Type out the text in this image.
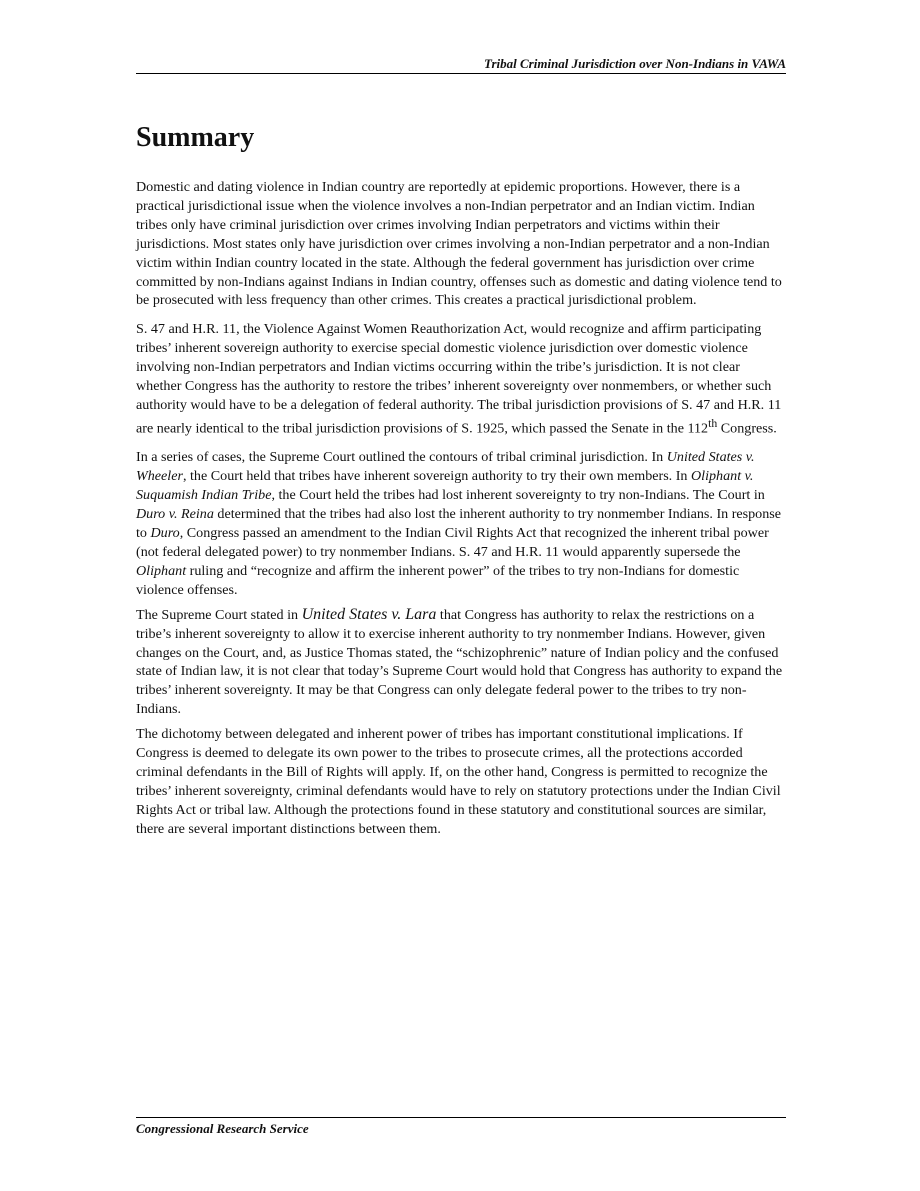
Tribal Criminal Jurisdiction over Non-Indians in VAWA
Summary

Domestic and dating violence in Indian country are reportedly at epidemic proportions. However, there is a practical jurisdictional issue when the violence involves a non-Indian perpetrator and an Indian victim. Indian tribes only have criminal jurisdiction over crimes involving Indian perpetrators and victims within their jurisdictions. Most states only have jurisdiction over crimes involving a non-Indian perpetrator and a non-Indian victim within Indian country located in the state. Although the federal government has jurisdiction over crime committed by non-Indians against Indians in Indian country, offenses such as domestic and dating violence tend to be prosecuted with less frequency than other crimes. This creates a practical jurisdictional problem.

S. 47 and H.R. 11, the Violence Against Women Reauthorization Act, would recognize and affirm participating tribes’ inherent sovereign authority to exercise special domestic violence jurisdiction over domestic violence involving non-Indian perpetrators and Indian victims occurring within the tribe’s jurisdiction. It is not clear whether Congress has the authority to restore the tribes’ inherent sovereignty over nonmembers, or whether such authority would have to be a delegation of federal authority. The tribal jurisdiction provisions of S. 47 and H.R. 11 are nearly identical to the tribal jurisdiction provisions of S. 1925, which passed the Senate in the 112th Congress.

In a series of cases, the Supreme Court outlined the contours of tribal criminal jurisdiction. In United States v. Wheeler, the Court held that tribes have inherent sovereign authority to try their own members. In Oliphant v. Suquamish Indian Tribe, the Court held the tribes had lost inherent sovereignty to try non-Indians. The Court in Duro v. Reina determined that the tribes had also lost the inherent authority to try nonmember Indians. In response to Duro, Congress passed an amendment to the Indian Civil Rights Act that recognized the inherent tribal power (not federal delegated power) to try nonmember Indians. S. 47 and H.R. 11 would apparently supersede the Oliphant ruling and “recognize and affirm the inherent power” of the tribes to try non-Indians for domestic violence offenses.

The Supreme Court stated in United States v. Lara that Congress has authority to relax the restrictions on a tribe’s inherent sovereignty to allow it to exercise inherent authority to try nonmember Indians. However, given changes on the Court, and, as Justice Thomas stated, the “schizophrenic” nature of Indian policy and the confused state of Indian law, it is not clear that today’s Supreme Court would hold that Congress has authority to expand the tribes’ inherent sovereignty. It may be that Congress can only delegate federal power to the tribes to try non-Indians.

The dichotomy between delegated and inherent power of tribes has important constitutional implications. If Congress is deemed to delegate its own power to the tribes to prosecute crimes, all the protections accorded criminal defendants in the Bill of Rights will apply. If, on the other hand, Congress is permitted to recognize the tribes’ inherent sovereignty, criminal defendants would have to rely on statutory protections under the Indian Civil Rights Act or tribal law. Although the protections found in these statutory and constitutional sources are similar, there are several important distinctions between them.

Congressional Research Service
